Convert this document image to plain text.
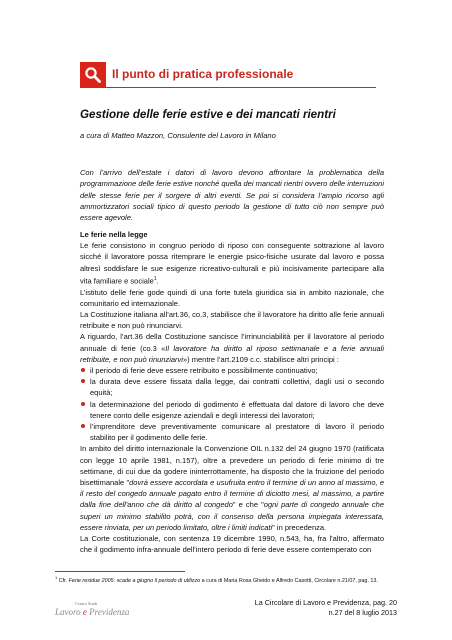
Il punto di pratica professionale
Gestione delle ferie estive e dei mancati rientri
a cura di Matteo Mazzon, Consulente del Lavoro in Milano

Con l’arrivo dell’estate i datori di lavoro devono affrontare la problematica della programmazione delle ferie estive nonché quella dei mancati rientri ovvero delle interruzioni delle stesse ferie per il sorgere di altri eventi. Se poi si considera l’ampio ricorso agli ammortizzatori sociali tipico di questo periodo la gestione di tutto ciò non sempre può essere agevole.

Le ferie nella legge

Le ferie consistono in congruo periodo di riposo con conseguente sottrazione al lavoro sicché il lavoratore possa ritemprare le energie psico-fisiche usurate dal lavoro e possa altresì soddisfare le sue esigenze ricreativo-culturali e più incisivamente partecipare alla vita familiare e sociale$^1$.

L’istituto delle ferie gode quindi di una forte tutela giuridica sia in ambito nazionale, che comunitario ed internazionale.

La Costituzione italiana all’art.36, co.3, stabilisce che il lavoratore ha diritto alle ferie annuali retribuite e non può rinunciarvi.

A riguardo, l’art.36 della Costituzione sancisce l’irrinunciabilità per il lavoratore al periodo annuale di ferie (co.3 «Il lavoratore ha diritto al riposo settimanale e a ferie annuali retribuite, e non può rinunziarvi») mentre l’art.2109 c.c. stabilisce altri principi :

il periodo di ferie deve essere retribuito e possibilmente continuativo;
la durata deve essere fissata dalla legge, dai contratti collettivi, dagli usi o secondo equità;
la determinazione del periodo di godimento è effettuata dal datore di lavoro che deve tenere conto delle esigenze aziendali e degli interessi dei lavoratori;
l’imprenditore deve preventivamente comunicare al prestatore di lavoro il periodo stabilito per il godimento delle ferie.

In ambito del diritto internazionale la Convenzione OIL n.132 del 24 giugno 1970 (ratificata con legge 10 aprile 1981, n.157), oltre a prevedere un periodo di ferie minimo di tre settimane, di cui due da godere ininterrottamente, ha disposto che la fruizione del periodo bisettimanale "dovrà essere accordata e usufruita entro il termine di un anno al massimo, e il resto del congedo annuale pagato entro il termine di diciotto mesi, al massimo, a partire dalla fine dell'anno che dà diritto al congedo" e che "ogni parte di congedo annuale che superi un minimo stabilito potrà, con il consenso della persona impiegata interessata, essere rinviata, per un periodo limitato, oltre i limiti indicati" in precedenza.

La Corte costituzionale, con sentenza 19 dicembre 1990, n.543, ha, fra l'altro, affermato che il godimento infra-annuale dell'intero periodo di ferie deve essere contemperato con

$^1$ Cfr. Ferie residue 2005: scade a giugno il periodo di utilizzo a cura di Maria Rosa Gheido e Alfredo Casotti, Circolare n.21/07, pag. 13.
Centro Studi
Lavoro e Previdenza
La Circolare di Lavoro e Previdenza, pag. 20
n.27 del 8 luglio 2013
